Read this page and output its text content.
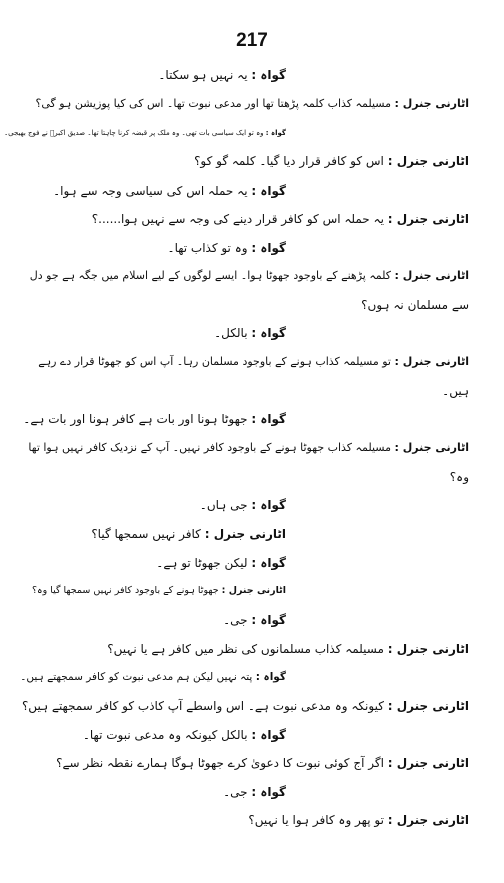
217
گواہ : یہ نہیں ہو سکتا۔
اٹارنی جنرل : مسیلمہ کذاب کلمہ پڑھتا تھا اور مدعی نبوت تھا۔ اس کی کیا پوزیشن ہو گی؟
گواہ : وہ تو ایک سیاسی بات تھی۔ وہ ملک پر قبضہ کرنا چاہتا تھا۔ صدیق اکبرؓ نے فوج بھیجی۔
اٹارنی جنرل : اس کو کافر قرار دیا گیا۔ کلمہ گو کو؟
گواہ : یہ حملہ اس کی سیاسی وجہ سے ہوا۔
اٹارنی جنرل : یہ حملہ اس کو کافر قرار دینے کی وجہ سے نہیں ہوا......؟
گواہ : وہ تو کذاب تھا۔
اٹارنی جنرل : کلمہ پڑھنے کے باوجود جھوٹا ہوا۔ ایسے لوگوں کے لیے اسلام میں جگہ ہے جو دل
سے مسلمان نہ ہوں؟
گواہ : بالکل۔
اٹارنی جنرل : تو مسیلمہ کذاب ہونے کے باوجود مسلمان رہا۔ آپ اس کو جھوٹا قرار دے رہے
ہیں۔
گواہ : جھوٹا ہونا اور بات ہے کافر ہونا اور بات ہے۔
اٹارنی جنرل : مسیلمہ کذاب جھوٹا ہونے کے باوجود کافر نہیں۔ آپ کے نزدیک کافر نہیں ہوا تھا
وہ؟
گواہ : جی ہاں۔
اٹارنی جنرل : کافر نہیں سمجھا گیا؟
گواہ : لیکن جھوٹا تو ہے۔
اٹارنی جنرل : جھوٹا ہونے کے باوجود کافر نہیں سمجھا گیا وہ؟
گواہ : جی۔
اٹارنی جنرل : مسیلمہ کذاب مسلمانوں کی نظر میں کافر ہے یا نہیں؟
گواہ : پتہ نہیں لیکن ہم مدعی نبوت کو کافر سمجھتے ہیں۔
اٹارنی جنرل : کیونکہ وہ مدعی نبوت ہے۔ اس واسطے آپ کاذب کو کافر سمجھتے ہیں؟
گواہ : بالکل کیونکہ وہ مدعی نبوت تھا۔
اٹارنی جنرل : اگر آج کوئی نبوت کا دعویٰ کرے جھوٹا ہوگا ہمارے نقطہ نظر سے؟
گواہ : جی۔
اٹارنی جنرل : تو پھر وہ کافر ہوا یا نہیں؟
